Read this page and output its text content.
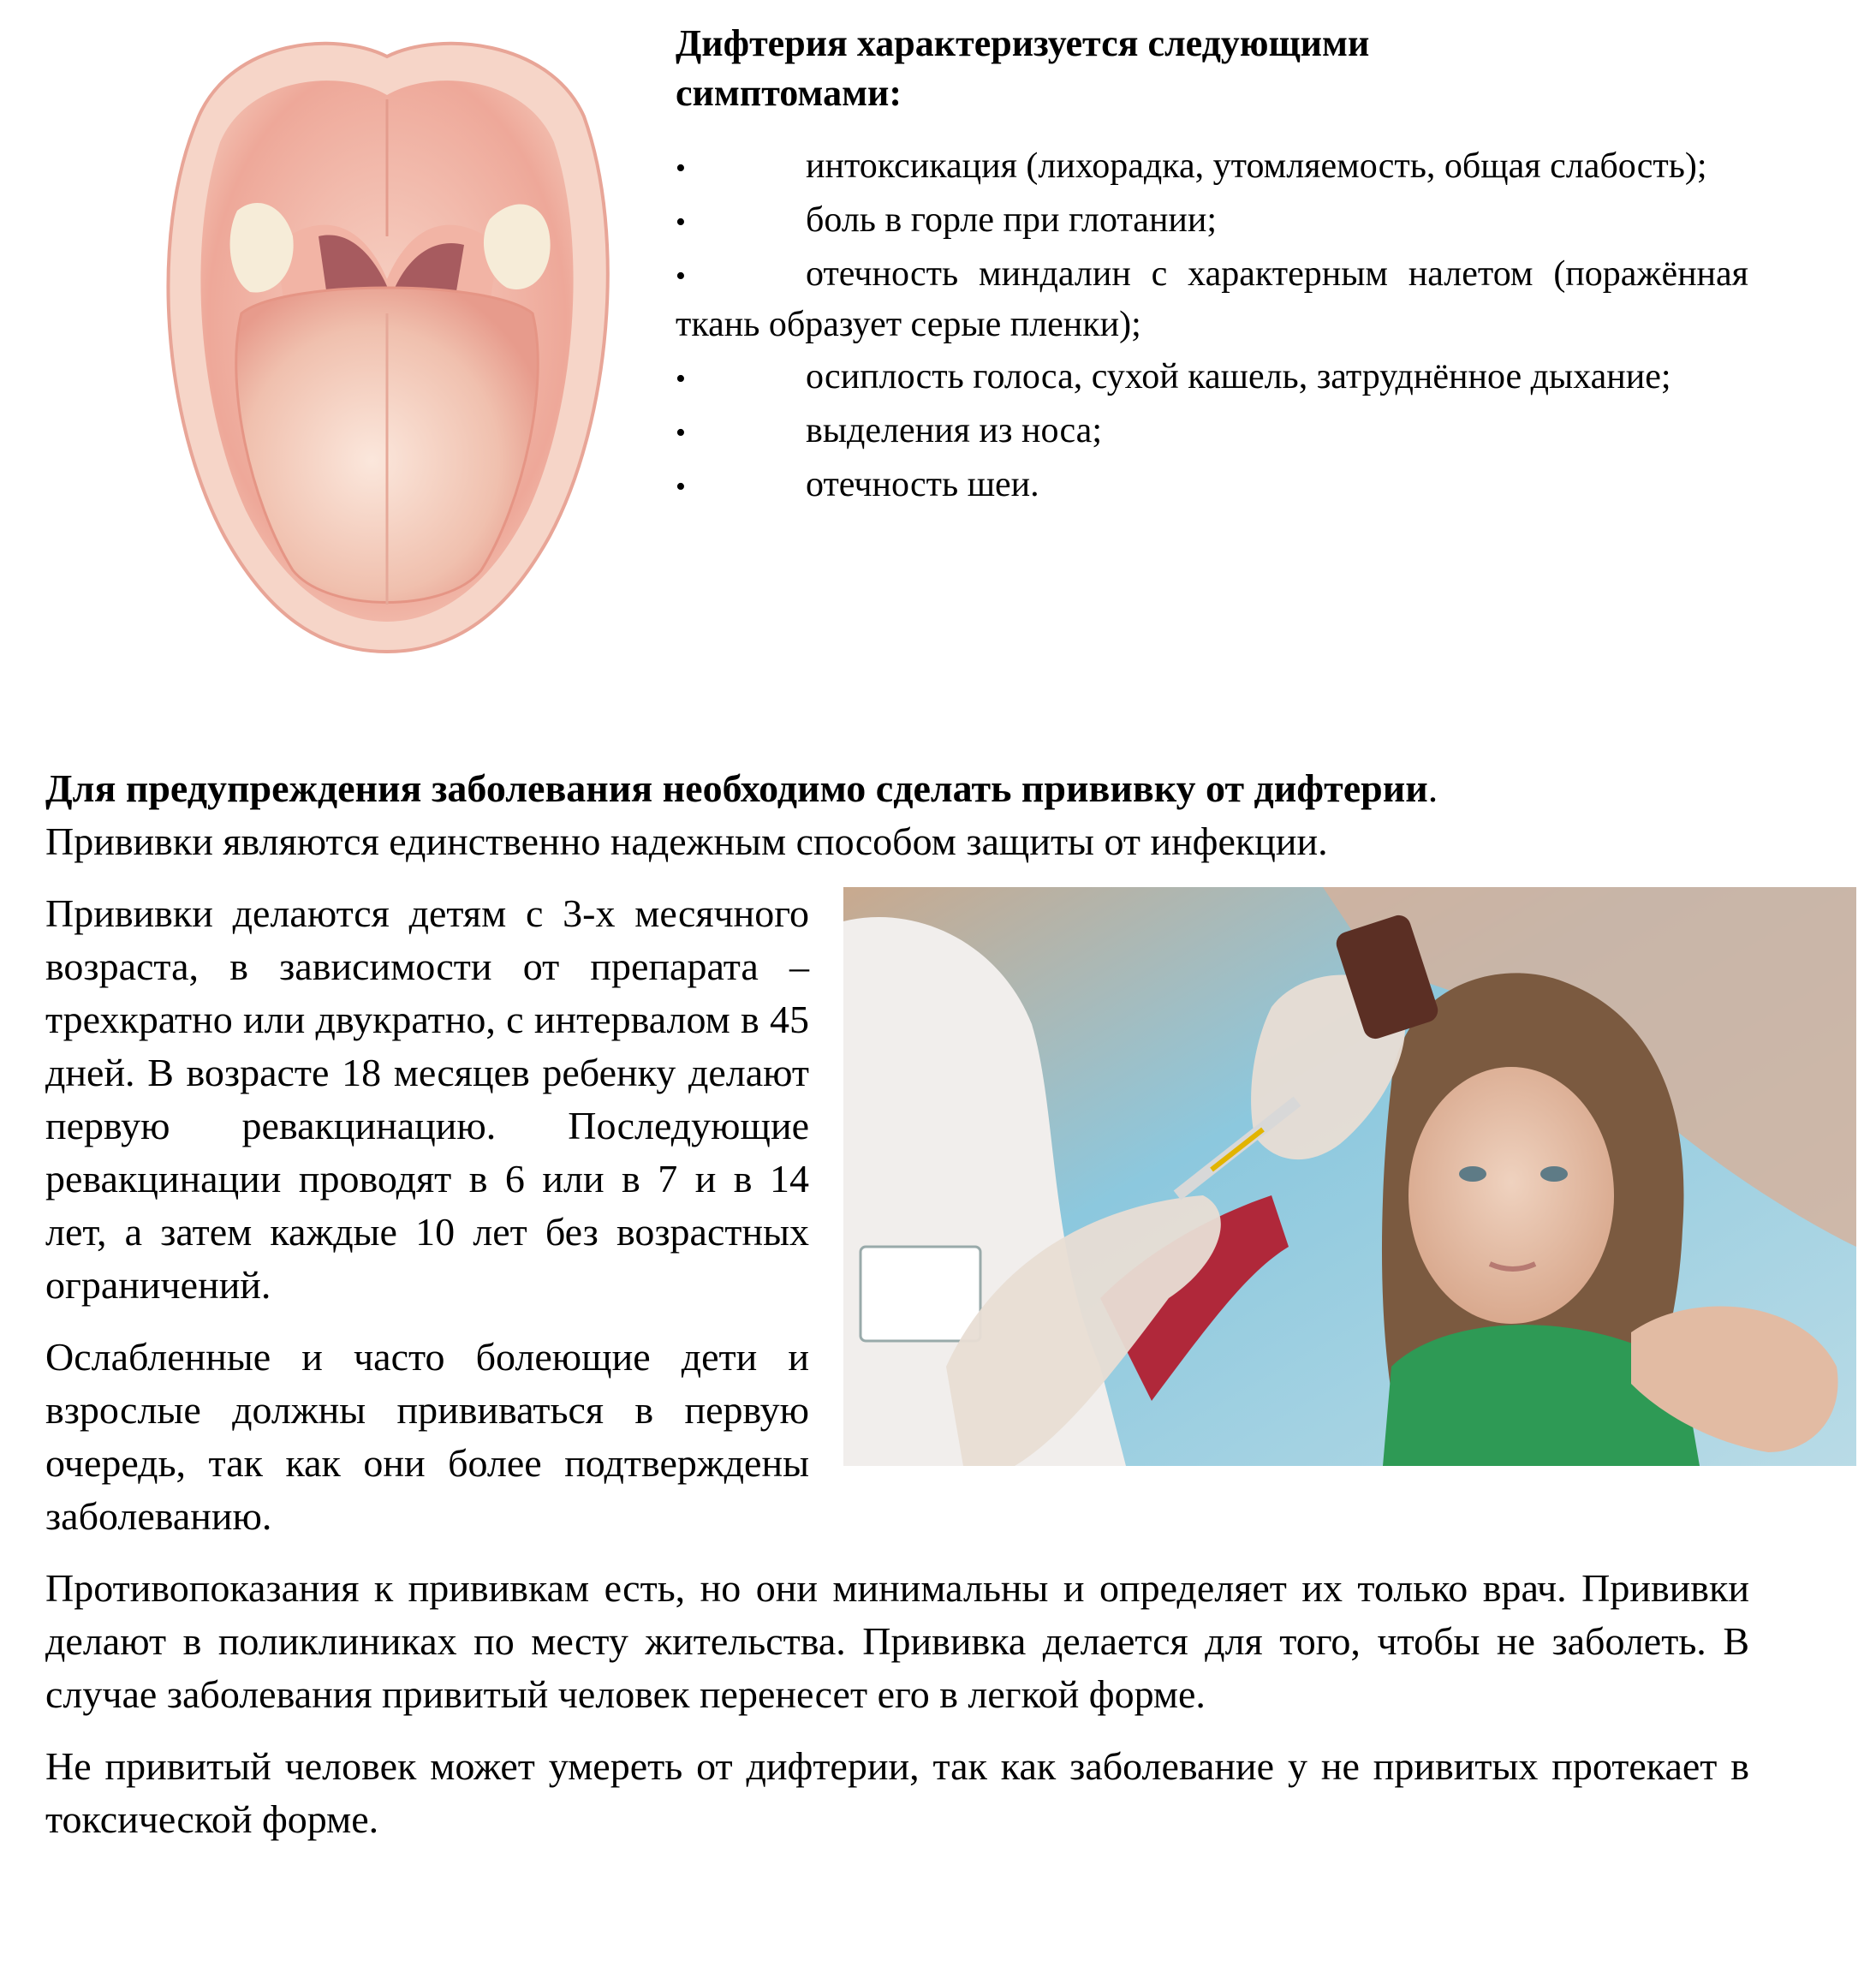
Дифтерия характеризуется следующими симптомами:
•	интоксикация (лихорадка, утомляемость, общая слабость);
•	боль в горле при глотании;
•	отечность миндалин с характерным налетом (поражённая ткань образует серые пленки);
•	осиплость голоса, сухой кашель, затруднённое дыхание;
•	выделения из носа;
•	отечность шеи.

Для предупреждения заболевания необходимо сделать прививку от дифтерии.
Прививки являются единственно надежным способом защиты от инфекции.

Прививки делаются детям с 3-х месячного возраста, в зависимости от препарата – трехкратно или двукратно, с интервалом в 45 дней. В возрасте 18 месяцев ребенку делают первую ревакцинацию. Последующие ревакцинации проводят в 6 или в 7 и в 14 лет, а затем каждые 10 лет без возрастных ограничений.

Ослабленные и часто болеющие дети и взрослые должны прививаться в первую очередь, так как они более подтверждены заболеванию.

Противопоказания к прививкам есть, но они минимальны и определяет их только врач. Прививки делают в поликлиниках по месту жительства. Прививка делается для того, чтобы не заболеть. В случае заболевания привитый человек перенесет его в легкой форме.

Не привитый человек может умереть от дифтерии, так как заболевание у не привитых протекает в токсической форме.
